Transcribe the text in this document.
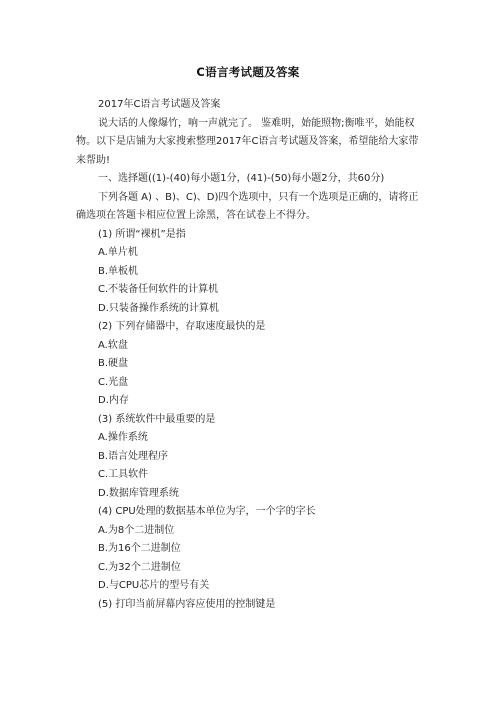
C语言考试题及答案

2017年C语言考试题及答案

说大话的人像爆竹，响一声就完了。 鉴难明，始能照物;衡唯平，始能权物。以下是店铺为大家搜索整理2017年C语言考试题及答案，希望能给大家带来帮助!

一、选择题((1)-(40)每小题1分，(41)-(50)每小题2分，共60分)

下列各题 A) 、B)、C)、D)四个选项中，只有一个选项是正确的，请将正确选项在答题卡相应位置上涂黑，答在试卷上不得分。

(1) 所谓“裸机”是指

A.单片机

B.单板机

C.不装备任何软件的计算机

D.只装备操作系统的计算机

(2) 下列存储器中，存取速度最快的是

A.软盘

B.硬盘

C.光盘

D.内存

(3) 系统软件中最重要的是

A.操作系统

B.语言处理程序

C.工具软件

D.数据库管理系统

(4) CPU处理的数据基本单位为字，一个字的字长

A.为8个二进制位

B.为16个二进制位

C.为32个二进制位

D.与CPU芯片的型号有关

(5) 打印当前屏幕内容应使用的控制键是
